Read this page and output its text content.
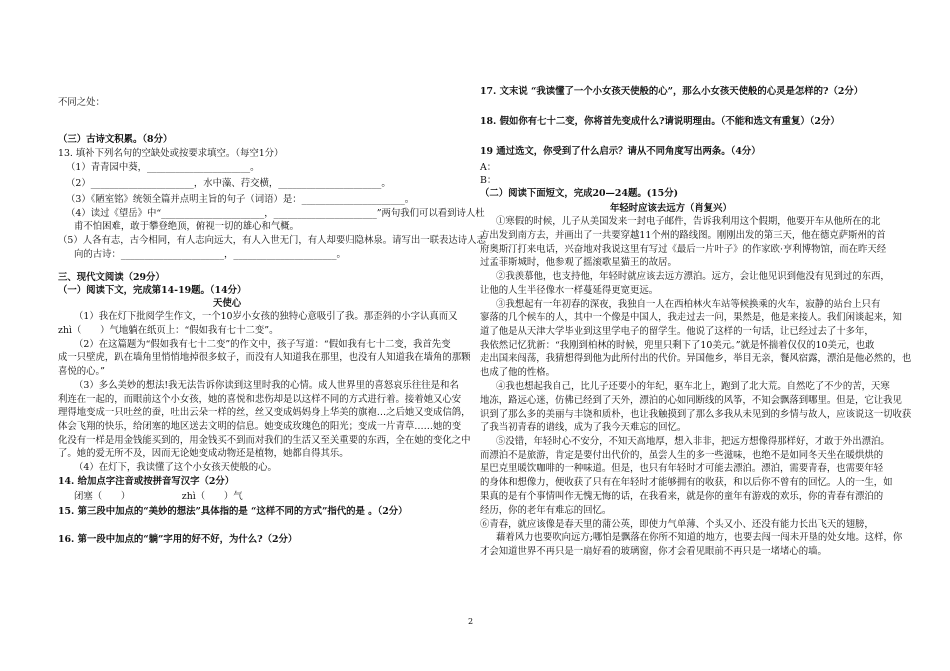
不同之处：
（三）古诗文积累。（8分）
13. 填补下列名句的空缺处或按要求填空。（每空1分）
（1）青青园中葵，______________________。
（2）______________________，水中藻、荇交横，______________________。
（3）《陋室铭》统领全篇并点明主旨的句子（词语）是：______________________。
（4）读过《望岳》中“______________________，______________________”两句我们可以看到诗人杜
甫不怕困难，敢于攀登绝顶，俯视一切的雄心和气概。
（5）人各有志，古今相同，有人志向远大，有人入世无门，有人却要归隐林泉。请写出一联表达诗人志
向的古诗：______________________，______________________。
三、现代文阅读（29分）
（一）阅读下文，完成第14-19题。（14分）
天使心
（1）我在灯下批阅学生作文，一个10岁小女孩的独特心意吸引了我。那歪斜的小字认真而又
zhì（　　）气地躺在纸页上：“假如我有七十二变”。
（2）在这篇题为“假如我有七十二变”的作文中，孩子写道：“假如我有七十二变，我首先变
成一只壁虎，趴在墙角里悄悄地掉很多蚊子，而没有人知道我在那里，也没有人知道我在墙角的那颗
喜悦的心。”
（3）多么美妙的想法!我无法告诉你读到这里时我的心情。成人世界里的喜怒哀乐往往是和名
利连在一起的，而眼前这个小女孩，她的喜悦和悲伤却是以这样不同的方式进行着。接着她又心安
理得地变成一只吐丝的蚕，吐出云朵一样的丝，丝又变成妈妈身上华美的旗袍…之后她又变成信鸽，
体会飞翔的快乐，给闭塞的地区送去文明的信息。她变成玫瑰色的阳光；变成一片青草……她的变
化没有一样是用金钱能买到的，用金钱买不到而对我们的生活又至关重要的东西，全在她的变化之中
了。她的爱无所不及，因而无论她变成动物还是植物，她都自得其乐。
（4）在灯下，我读懂了这个小女孩天使般的心。
14. 给加点字注音或按拼音写汉字（2分）
闭塞（　　）　　　　　　zhì（　　）气
15. 第三段中加点的“美妙的想法”具体指的是 “这样不同的方式”指代的是 。（2分）
16. 第一段中加点的“躺”字用的好不好，为什么?（2分）
17. 文末说 “我读懂了一个小女孩天使般的心”，那么小女孩天使般的心灵是怎样的?（2分）
18. 假如你有七十二变，你将首先变成什么?请说明理由。（不能和选文有重复）（2分）
19 通过选文，你受到了什么启示？请从不同角度写出两条。（4分）
A：
B：
（二）阅读下面短文，完成20—24题。(15分)
年轻时应该去远方（肖复兴）
①寒假的时候，儿子从美国发来一封电子邮件，告诉我利用这个假期，他要开车从他所在的北
方出发到南方去，并画出了一共要穿越11个州的路线图。刚刚出发的第三天，他在德克萨斯州的首
府奥斯汀打来电话，兴奋地对我说这里有写过《最后一片叶子》的作家欧·亨利博物馆，而在昨天经
过孟菲斯城时，他参观了摇滚歌星猫王的故居。
②我羡慕他，也支持他，年轻时就应该去远方漂泊。远方，会让他见识到他没有见到过的东西，
让他的人生半径像水一样蔓延得更宽更远。
③我想起有一年初春的深夜，我独自一人在西柏林火车站等候换乘的火车，寂静的站台上只有
寥落的几个候车的人，其中一个像是中国人，我走过去一问，果然是，他是来接人。我们闲谈起来，知
道了他是从天津大学毕业到这里学电子的留学生。他说了这样的一句话，让已经过去了十多年，
我依然记忆犹新：“我刚到柏林的时候，兜里只剩下了10美元。”就是怀揣着仅仅的10美元，也敢
走出国来闯荡，我猜想得到他为此所付出的代价。异国他乡，举目无亲，餐风宿露，漂泊是他必然的，也
也成了他的性格。
④我也想起我自己，比儿子还要小的年纪，驱车北上，跑到了北大荒。自然吃了不少的苦，天寒
地冻，路远心迷，仿佛已经到了天外，漂泊的心如同断线的风筝，不知会飘落到哪里。但是，它让我见
识到了那么多的美丽与丰饶和质朴，也让我触摸到了那么多我从未见到的乡情与故人，应该说这一切收获
了我当初青春的谱线，成为了我今天难忘的回忆。
⑤没错，年轻时心不安分，不知天高地厚，想入非非，把远方想像得那样好，才敢于外出漂泊。
而漂泊不是旅游，肯定是要付出代价的，虽尝人生的多一些滋味，也绝不是如同冬天坐在暖烘烘的
星巴克里暖饮咖啡的一种味道。但是，也只有年轻时才可能去漂泊。漂泊，需要青春，也需要年轻
的身体和想像力，便收获了只有在年轻时才能够拥有的收获，和以后你不曾有的回忆。人的一生，如
果真的是有个事情叫作无愧无悔的话，在我看来，就是你的童年有游戏的欢乐，你的青春有漂泊的
经历，你的老年有难忘的回忆。
⑥青春，就应该像是春天里的蒲公英，即使力气单薄、个头又小、还没有能力长出飞天的翅膀，
藉着风力也要吹向远方;哪怕是飘落在你所不知道的地方，也要去闯一闯未开垦的处女地。这样，你
才会知道世界不再只是一扇好看的玻璃窗，你才会看见眼前不再只是一堵堵心的墙。
2
